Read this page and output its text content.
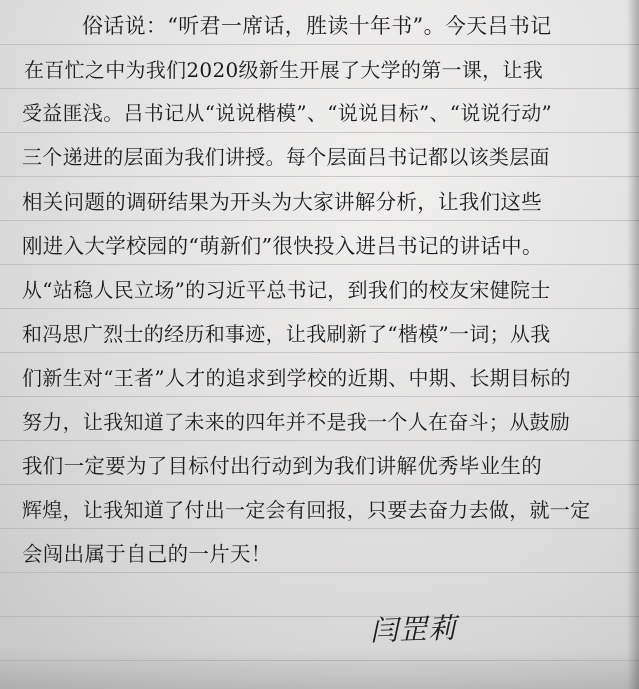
俗话说：“听君一席话，胜读十年书”。今天吕书记
在百忙之中为我们2020级新生开展了大学的第一课，让我
受益匪浅。吕书记从“说说楷模”、“说说目标”、“说说行动”
三个递进的层面为我们讲授。每个层面吕书记都以该类层面
相关问题的调研结果为开头为大家讲解分析，让我们这些
刚进入大学校园的“萌新们”很快投入进吕书记的讲话中。
从“站稳人民立场”的习近平总书记，到我们的校友宋健院士
和冯思广烈士的经历和事迹，让我刷新了“楷模”一词；从我
们新生对“王者”人才的追求到学校的近期、中期、长期目标的
努力，让我知道了未来的四年并不是我一个人在奋斗；从鼓励
我们一定要为了目标付出行动到为我们讲解优秀毕业生的
辉煌，让我知道了付出一定会有回报，只要去奋力去做，就一定
会闯出属于自己的一片天！
闫罡莉
